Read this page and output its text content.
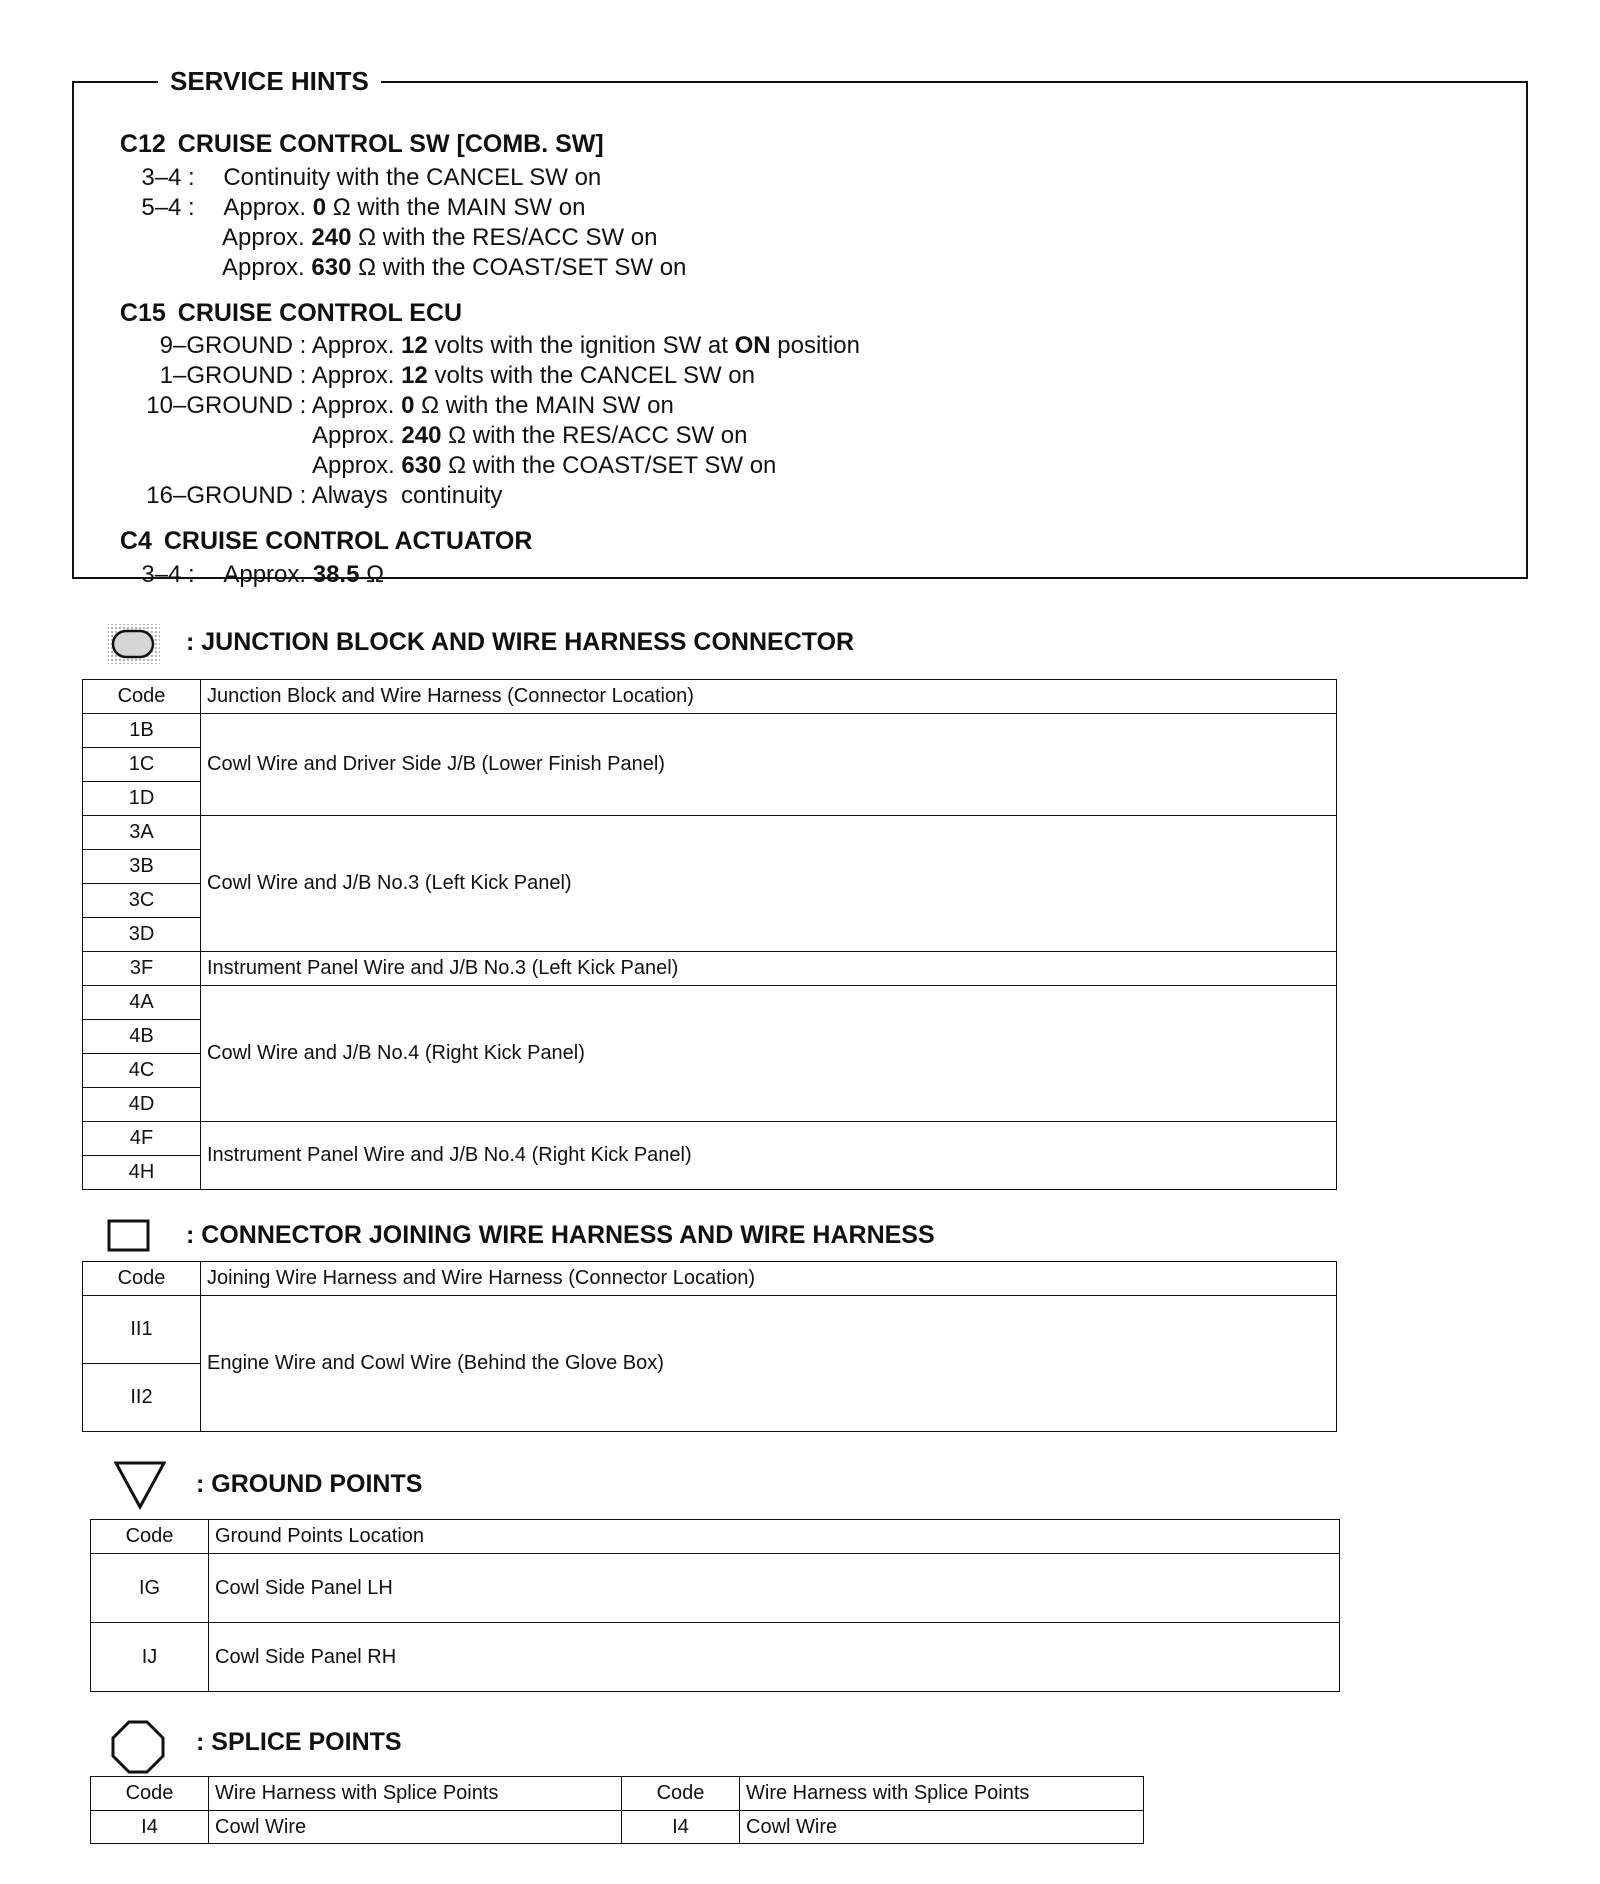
SERVICE HINTS

C12 CRUISE CONTROL SW [COMB. SW]

3–4 : Continuity with the CANCEL SW on

5–4 : Approx. 0 Ω with the MAIN SW on

Approx. 240 Ω with the RES/ACC SW on

Approx. 630 Ω with the COAST/SET SW on

C15 CRUISE CONTROL ECU

9–GROUND : Approx. 12 volts with the ignition SW at ON position

1–GROUND : Approx. 12 volts with the CANCEL SW on

10–GROUND : Approx. 0 Ω with the MAIN SW on

Approx. 240 Ω with the RES/ACC SW on

Approx. 630 Ω with the COAST/SET SW on

16–GROUND : Always  continuity

C4 CRUISE CONTROL ACTUATOR

3–4 : Approx. 38.5 Ω

: JUNCTION BLOCK AND WIRE HARNESS CONNECTOR
Code	Junction Block and Wire Harness (Connector Location)
1B	Cowl Wire and Driver Side J/B (Lower Finish Panel)
1C	
1D	
3A	Cowl Wire and J/B No.3 (Left Kick Panel)
3B	
3C	
3D	
3F	Instrument Panel Wire and J/B No.3 (Left Kick Panel)
4A	Cowl Wire and J/B No.4 (Right Kick Panel)
4B	
4C	
4D	
4F	Instrument Panel Wire and J/B No.4 (Right Kick Panel)
4H	
: CONNECTOR JOINING WIRE HARNESS AND WIRE HARNESS
Code	Joining Wire Harness and Wire Harness (Connector Location)
II1	Engine Wire and Cowl Wire (Behind the Glove Box)
II2	
: GROUND POINTS
Code	Ground Points Location
IG	Cowl Side Panel LH
IJ	Cowl Side Panel RH
: SPLICE POINTS
Code	Wire Harness with Splice Points	Code	Wire Harness with Splice Points
I4	Cowl Wire	I4	Cowl Wire
